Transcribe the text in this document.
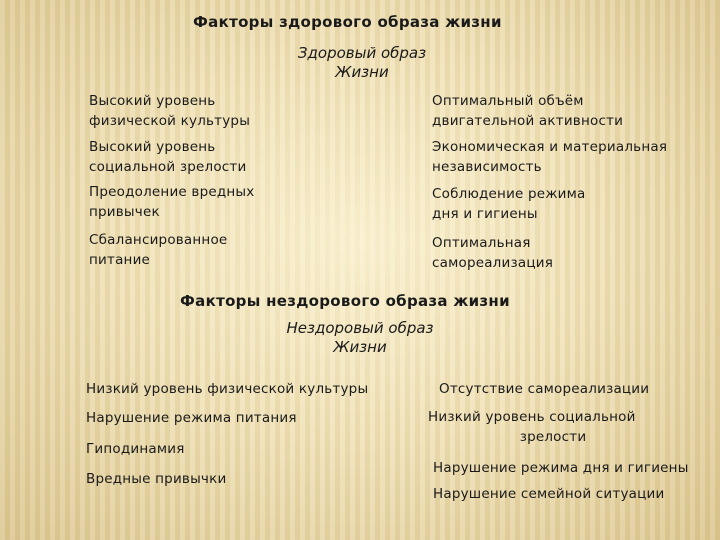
Факторы здорового образа жизни
Здоровый образ
Жизни
Высокий уровень
физической культуры
Высокий уровень
социальной зрелости
Преодоление вредных
привычек
Сбалансированное
питание
Оптимальный объём
двигательной активности
Экономическая и материальная
независимость
Соблюдение режима
дня и гигиены
Оптимальная
самореализация
Факторы нездорового образа жизни
Нездоровый образ
Жизни
Низкий уровень физической культуры
Нарушение режима питания
Гиподинамия
Вредные привычки
Отсутствие самореализации
Низкий уровень социальной
зрелости
Нарушение режима дня и гигиены
Нарушение семейной ситуации
